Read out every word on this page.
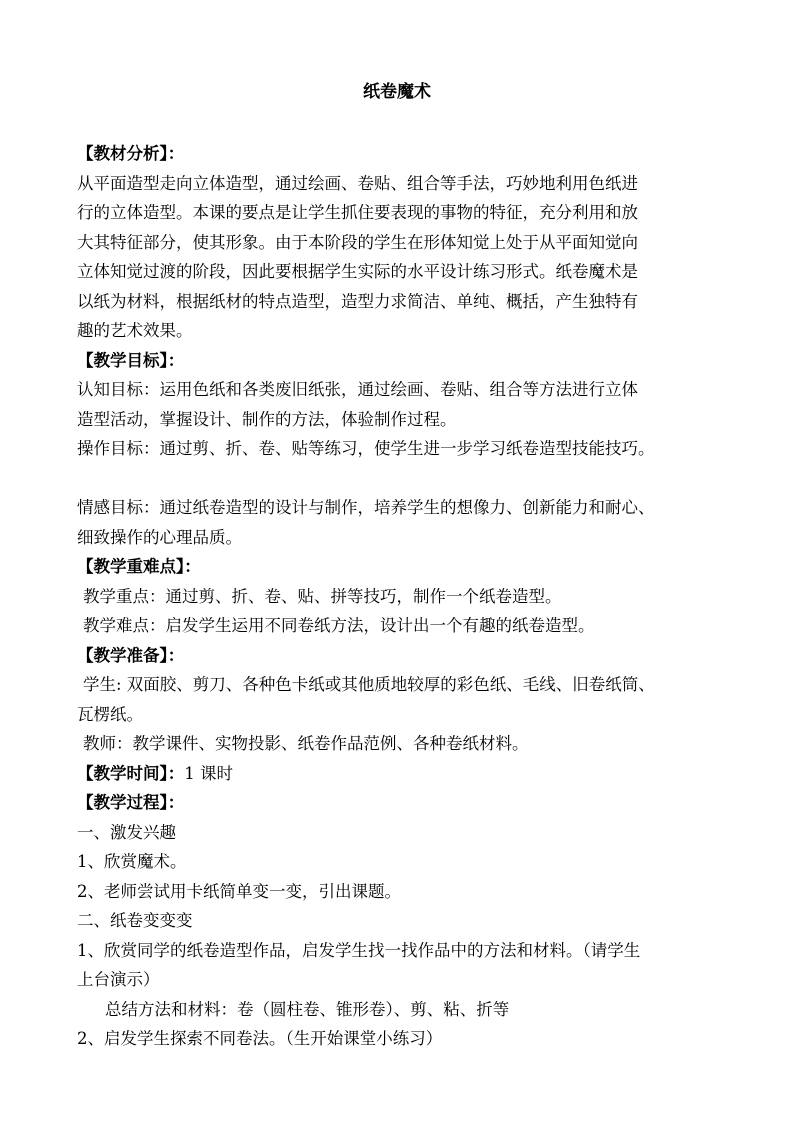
纸卷魔术
【教材分析】：
从平面造型走向立体造型，通过绘画、卷贴、组合等手法，巧妙地利用色纸进
行的立体造型。本课的要点是让学生抓住要表现的事物的特征，充分利用和放
大其特征部分，使其形象。由于本阶段的学生在形体知觉上处于从平面知觉向
立体知觉过渡的阶段，因此要根据学生实际的水平设计练习形式。纸卷魔术是
以纸为材料，根据纸材的特点造型，造型力求简洁、单纯、概括，产生独特有
趣的艺术效果。
【教学目标】：
认知目标：运用色纸和各类废旧纸张，通过绘画、卷贴、组合等方法进行立体
造型活动，掌握设计、制作的方法，体验制作过程。
操作目标：通过剪、折、卷、贴等练习，使学生进一步学习纸卷造型技能技巧。
情感目标：通过纸卷造型的设计与制作，培养学生的想像力、创新能力和耐心、
细致操作的心理品质。
【教学重难点】：
教学重点：通过剪、折、卷、贴、拼等技巧，制作一个纸卷造型。
教学难点：启发学生运用不同卷纸方法，设计出一个有趣的纸卷造型。
【教学准备】：
学生: 双面胶、剪刀、各种色卡纸或其他质地较厚的彩色纸、毛线、旧卷纸筒、
瓦楞纸。
教师：教学课件、实物投影、纸卷作品范例、各种卷纸材料。
【教学时间】：1 课时
【教学过程】：
一、激发兴趣
1、欣赏魔术。
2、老师尝试用卡纸简单变一变，引出课题。
二、纸卷变变变
1、欣赏同学的纸卷造型作品，启发学生找一找作品中的方法和材料。（请学生
上台演示）
总结方法和材料：卷（圆柱卷、锥形卷）、剪、粘、折等
2、启发学生探索不同卷法。（生开始课堂小练习）
